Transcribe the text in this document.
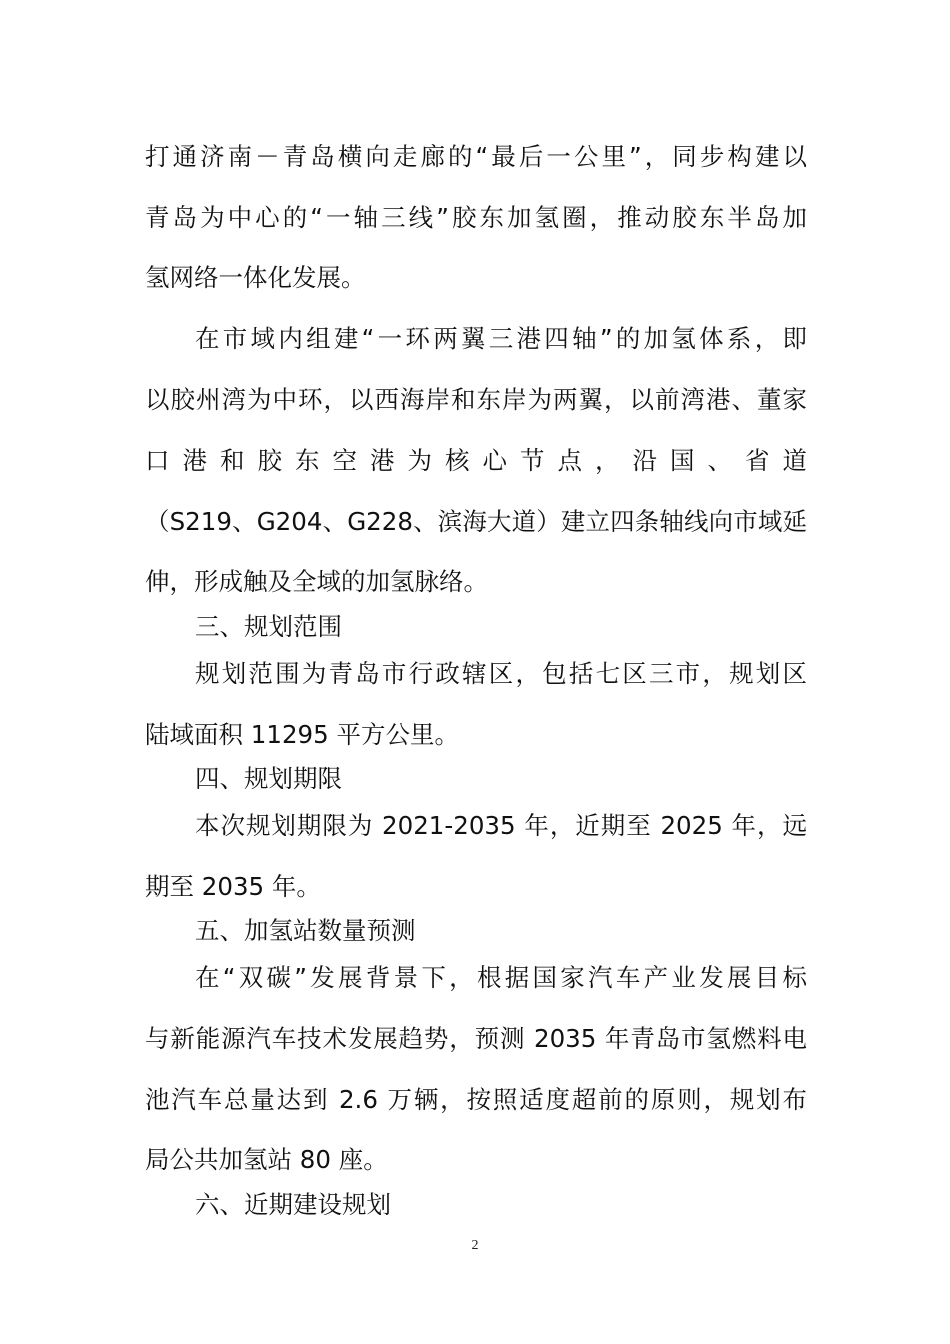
打通济南－青岛横向走廊的“最后一公里”，同步构建以
青岛为中心的“一轴三线”胶东加氢圈，推动胶东半岛加
氢网络一体化发展。
在市域内组建“一环两翼三港四轴”的加氢体系，即
以胶州湾为中环，以西海岸和东岸为两翼，以前湾港、董家
口港和胶东空港为核心节点，沿国、省道
（S219、G204、G228、滨海大道）建立四条轴线向市域延
伸，形成触及全域的加氢脉络。
三、规划范围
规划范围为青岛市行政辖区，包括七区三市，规划区
陆域面积 11295 平方公里。
四、规划期限
本次规划期限为 2021-2035 年，近期至 2025 年，远
期至 2035 年。
五、加氢站数量预测
在“双碳”发展背景下，根据国家汽车产业发展目标
与新能源汽车技术发展趋势，预测 2035 年青岛市氢燃料电
池汽车总量达到 2.6 万辆，按照适度超前的原则，规划布
局公共加氢站 80 座。
六、近期建设规划
2
